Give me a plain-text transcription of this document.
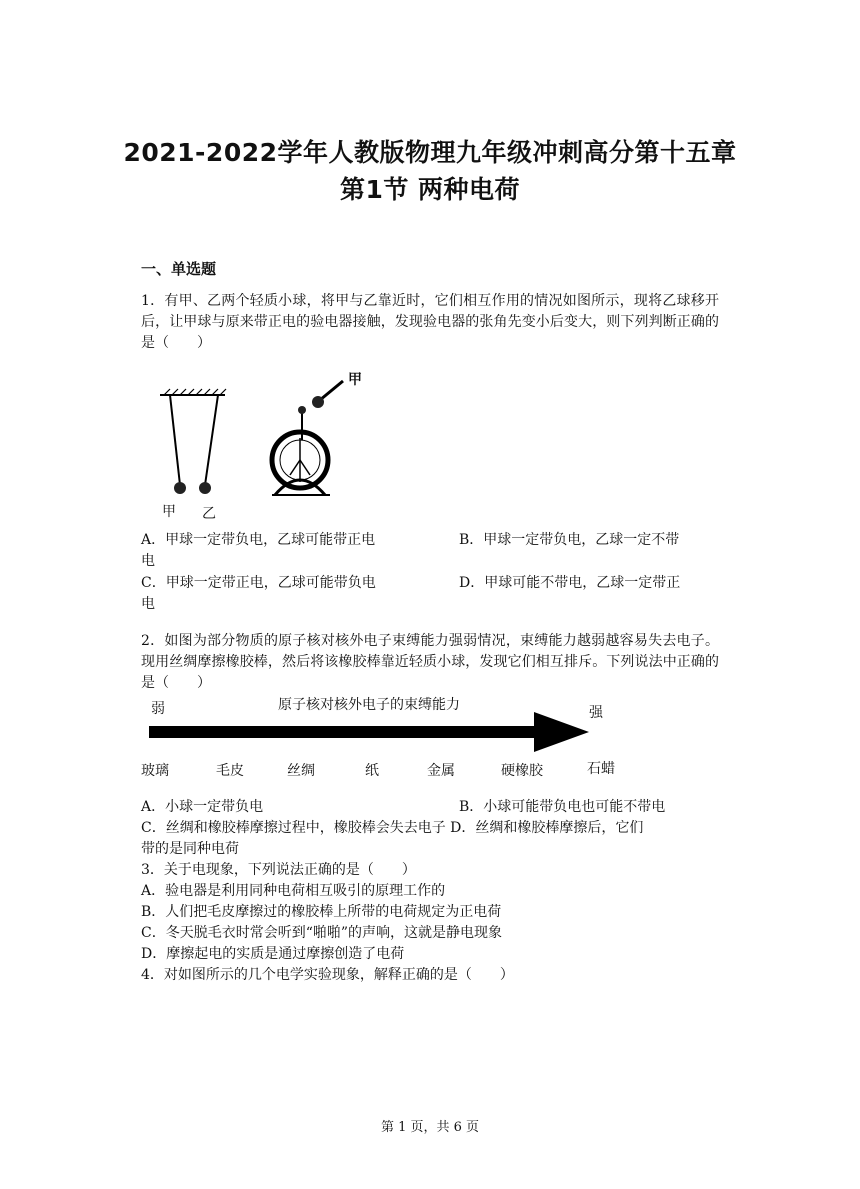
2021-2022学年人教版物理九年级冲刺高分第十五章
第1节 两种电荷
一、单选题
1．有甲、乙两个轻质小球，将甲与乙靠近时，它们相互作用的情况如图所示，现将乙球移开后，让甲球与原来带正电的验电器接触，发现验电器的张角先变小后变大，则下列判断正确的是（　　）
甲 乙
甲
A．甲球一定带负电，乙球可能带正电	B．甲球一定带负电，乙球一定不带
电
C．甲球一定带正电，乙球可能带负电	D．甲球可能不带电，乙球一定带正
电
2．如图为部分物质的原子核对核外电子束缚能力强弱情况，束缚能力越弱越容易失去电子。现用丝绸摩擦橡胶棒，然后将该橡胶棒靠近轻质小球，发现它们相互排斥。下列说法中正确的是（　　）
弱	原子核对核外电子的束缚能力	强
玻璃	毛皮	丝绸	纸	金属	硬橡胶	石蜡
A．小球一定带负电	B．小球可能带负电也可能不带电
C．丝绸和橡胶棒摩擦过程中，橡胶棒会失去电子 D．丝绸和橡胶棒摩擦后，它们
带的是同种电荷
3．关于电现象，下列说法正确的是（　　）
A．验电器是利用同种电荷相互吸引的原理工作的
B．人们把毛皮摩擦过的橡胶棒上所带的电荷规定为正电荷
C．冬天脱毛衣时常会听到“啪啪”的声响，这就是静电现象
D．摩擦起电的实质是通过摩擦创造了电荷
4．对如图所示的几个电学实验现象，解释正确的是（　　）
第 1 页，共 6 页
